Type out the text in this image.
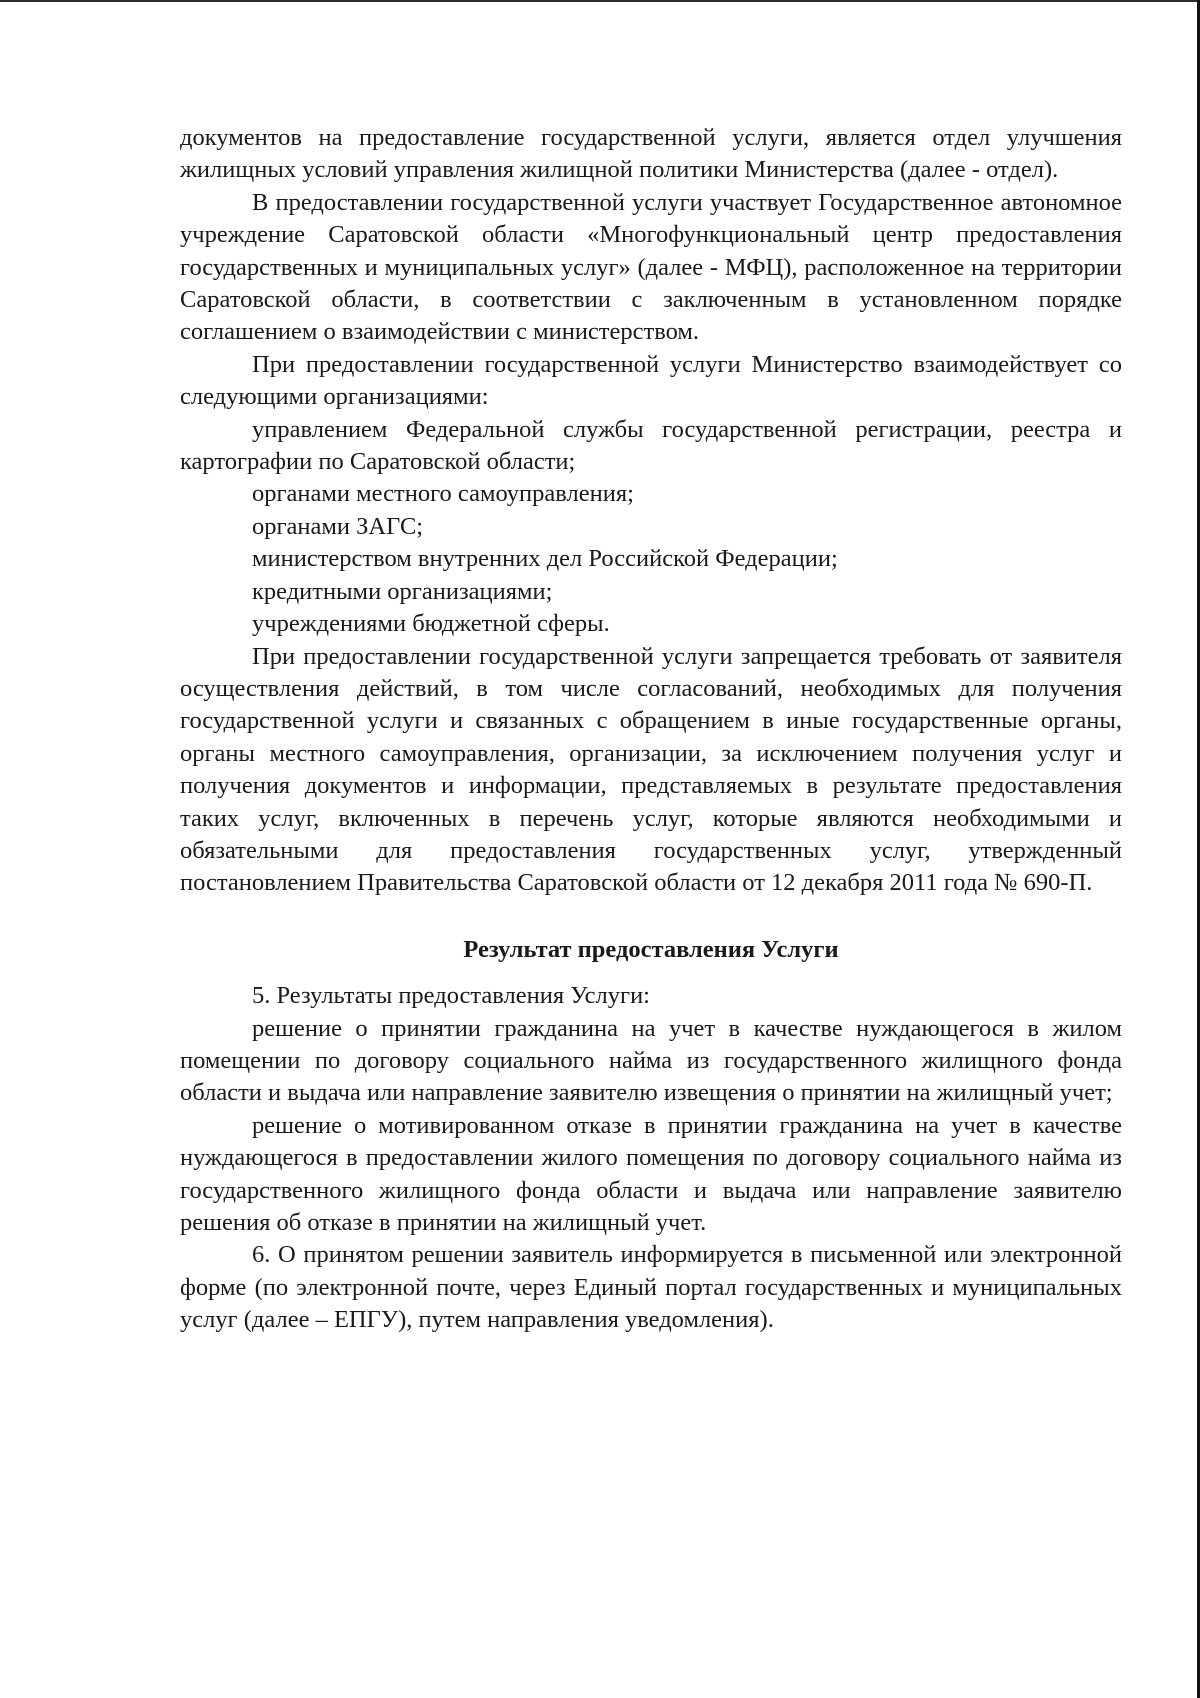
документов на предоставление государственной услуги, является отдел улучшения жилищных условий управления жилищной политики Министерства (далее - отдел).

В предоставлении государственной услуги участвует Государственное автономное учреждение Саратовской области «Многофункциональный центр предоставления государственных и муниципальных услуг» (далее - МФЦ), расположенное на территории Саратовской области, в соответствии с заключенным в установленном порядке соглашением о взаимодействии с министерством.

При предоставлении государственной услуги Министерство взаимодействует со следующими организациями:

управлением Федеральной службы государственной регистрации, реестра и картографии по Саратовской области;

органами местного самоуправления;

органами ЗАГС;

министерством внутренних дел Российской Федерации;

кредитными организациями;

учреждениями бюджетной сферы.

При предоставлении государственной услуги запрещается требовать от заявителя осуществления действий, в том числе согласований, необходимых для получения государственной услуги и связанных с обращением в иные государственные органы, органы местного самоуправления, организации, за исключением получения услуг и получения документов и информации, представляемых в результате предоставления таких услуг, включенных в перечень услуг, которые являются необходимыми и обязательными для предоставления государственных услуг, утвержденный постановлением Правительства Саратовской области от 12 декабря 2011 года № 690-П.

Результат предоставления Услуги

5. Результаты предоставления Услуги:

решение о принятии гражданина на учет в качестве нуждающегося в жилом помещении по договору социального найма из государственного жилищного фонда области и выдача или направление заявителю извещения о принятии на жилищный учет;

решение о мотивированном отказе в принятии гражданина на учет в качестве нуждающегося в предоставлении жилого помещения по договору социального найма из государственного жилищного фонда области и выдача или направление заявителю решения об отказе в принятии на жилищный учет.

6. О принятом решении заявитель информируется в письменной или электронной форме (по электронной почте, через Единый портал государственных и муниципальных услуг (далее – ЕПГУ), путем направления уведомления).
